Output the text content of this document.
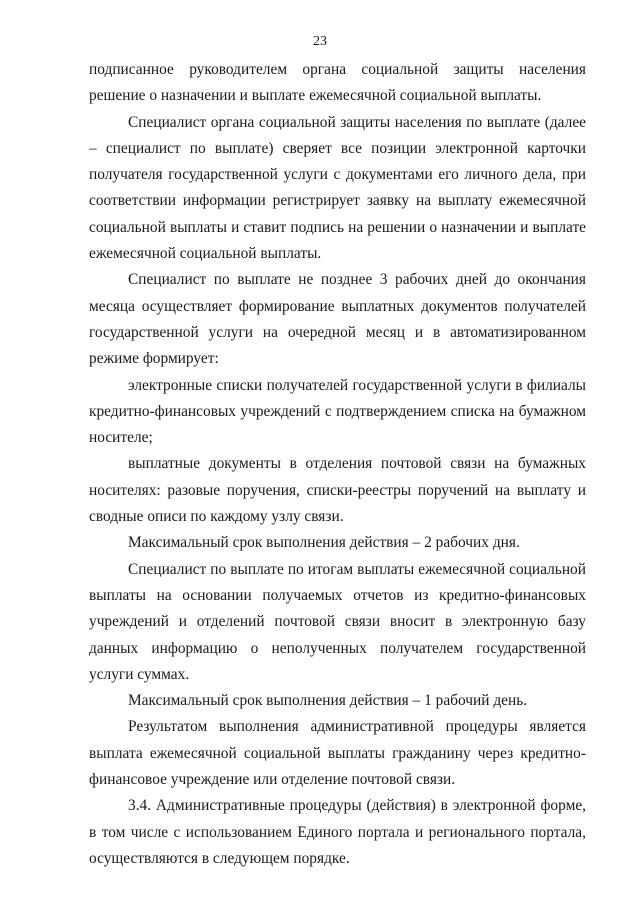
23

подписанное руководителем органа социальной защиты населения решение о назначении и выплате ежемесячной социальной выплаты.

Специалист органа социальной защиты населения по выплате (далее – специалист по выплате) сверяет все позиции электронной карточки получателя государственной услуги с документами его личного дела, при соответствии информации регистрирует заявку на выплату ежемесячной социальной выплаты и ставит подпись на решении о назначении и выплате ежемесячной социальной выплаты.

Специалист по выплате не позднее 3 рабочих дней до окончания месяца осуществляет формирование выплатных документов получателей государственной услуги на очередной месяц и в автоматизированном режиме формирует:

электронные списки получателей государственной услуги в филиалы кредитно-финансовых учреждений с подтверждением списка на бумажном носителе;

выплатные документы в отделения почтовой связи на бумажных носителях: разовые поручения, списки-реестры поручений на выплату и сводные описи по каждому узлу связи.

Максимальный срок выполнения действия – 2 рабочих дня.

Специалист по выплате по итогам выплаты ежемесячной социальной выплаты на основании получаемых отчетов из кредитно-финансовых учреждений и отделений почтовой связи вносит в электронную базу данных информацию о неполученных получателем государственной услуги суммах.

Максимальный срок выполнения действия – 1 рабочий день.

Результатом выполнения административной процедуры является выплата ежемесячной социальной выплаты гражданину через кредитно-финансовое учреждение или отделение почтовой связи.

3.4. Административные процедуры (действия) в электронной форме, в том числе с использованием Единого портала и регионального портала, осуществляются в следующем порядке.
